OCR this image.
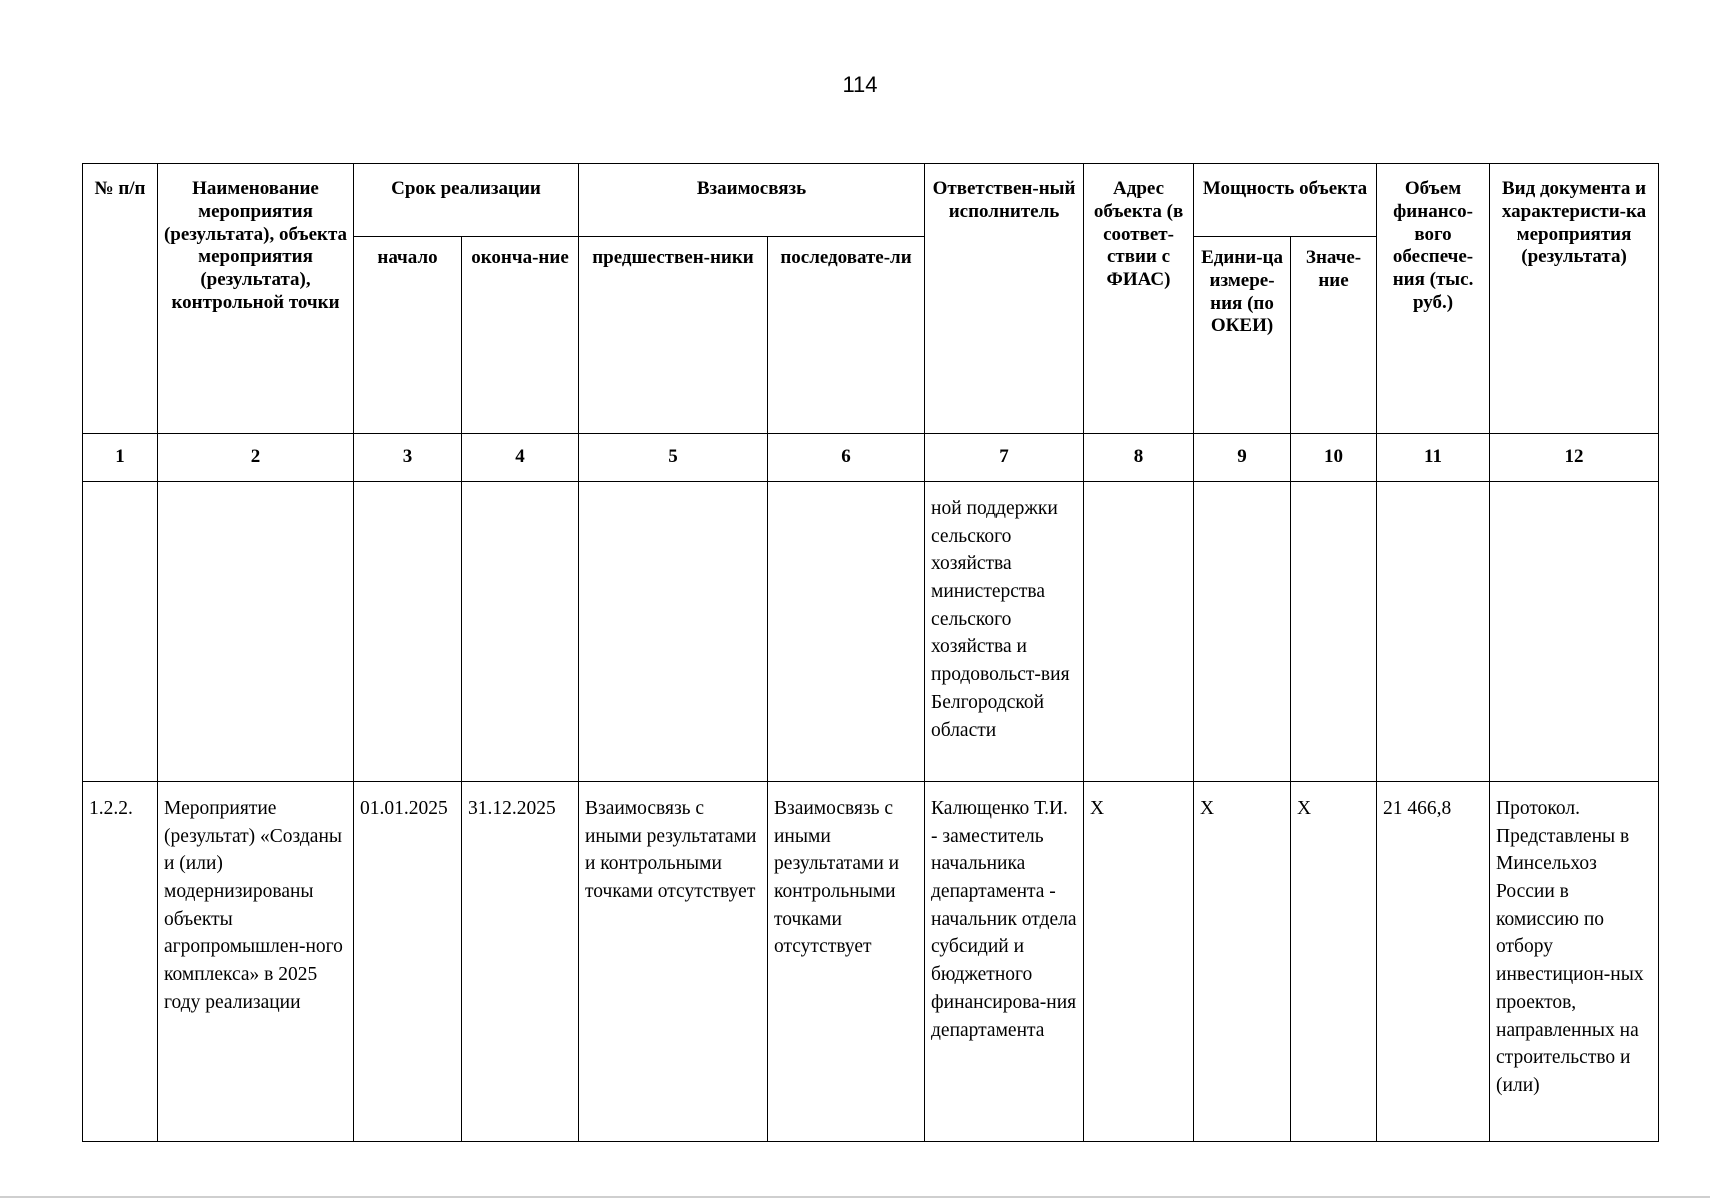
114
№ п/п	Наименование мероприятия (результата), объекта мероприятия (результата), контрольной точки	Срок реализации		Взаимосвязь		Ответствен-ный исполнитель	Адрес объекта (в соответ-ствии с ФИАС)	Мощность объекта		Объем финансо-вого обеспече-ния (тыс. руб.)	Вид документа и характеристи-ка мероприятия (результата)
		начало	оконча-ние	предшествен-ники	последовате-ли			Едини-ца измере-ния (по ОКЕИ)	Значе-ние		
1	2	3	4	5	6	7	8	9	10	11	12
						ной поддержки сельского хозяйства министерства сельского хозяйства и продовольст-вия Белгородской области					
1.2.2.	Мероприятие (результат) «Созданы и (или) модернизированы объекты агропромышлен-ного комплекса» в 2025 году реализации	01.01.2025	31.12.2025	Взаимосвязь с иными результатами и контрольными точками отсутствует	Взаимосвязь с иными результатами и контрольными точками отсутствует	Калющенко Т.И. - заместитель начальника департамента - начальник отдела субсидий и бюджетного финансирова-ния департамента	X	X	X	21 466,8	Протокол. Представлены в Минсельхоз России в комиссию по отбору инвестицион-ных проектов, направленных на строительство и (или)
